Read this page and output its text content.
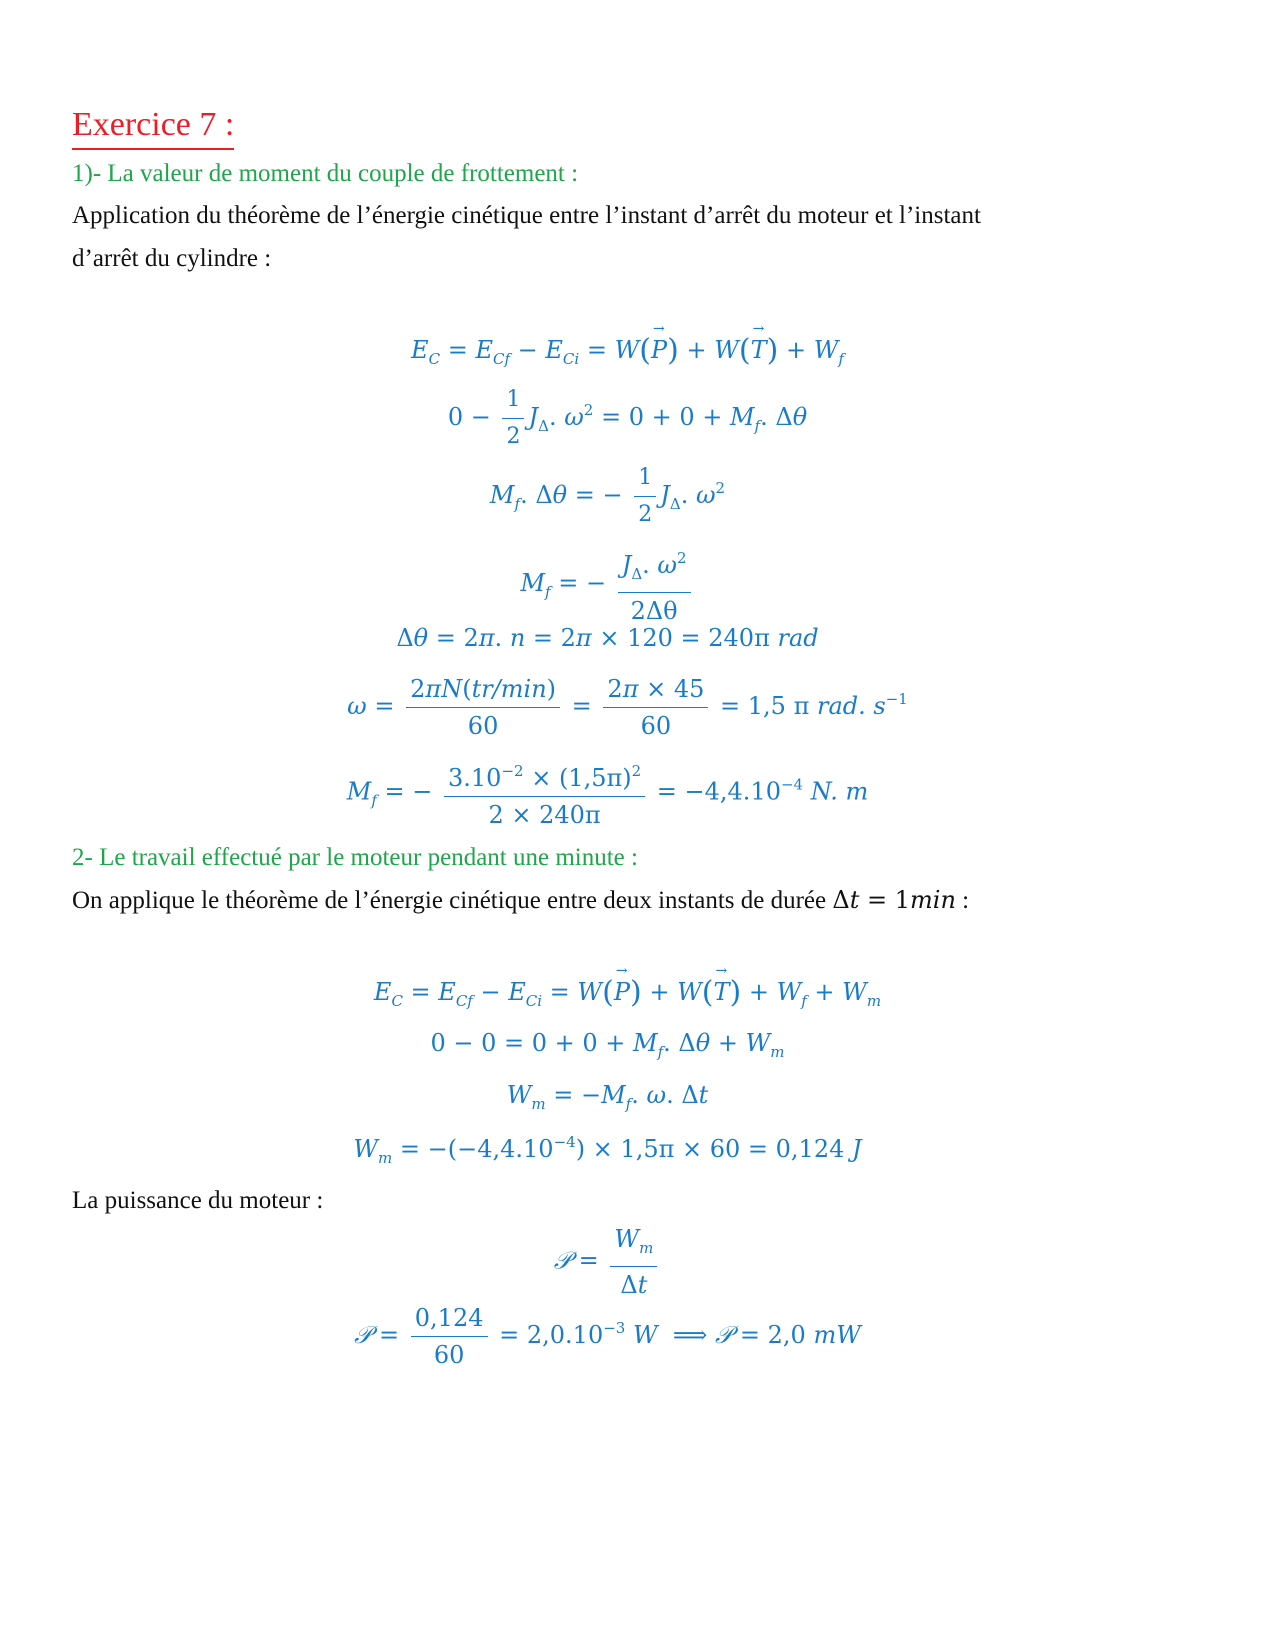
Exercice 7 :
1)- La valeur de moment du couple de frottement :
Application du théorème de l’énergie cinétique entre l’instant d’arrêt du moteur et l’instant
d’arrêt du cylindre :
$E_C = E_{Cf} - E_{Ci} = W(\to P) + W(\to T) + W_f$
$0 - \frac{1}{2} J_\Delta$. $\omega^2 = 0 + 0 + M_f$. Δθ
$M_f$. Δθ = − $\frac{1}{2} J_\Delta$. $\omega^2$
$M_f$ = − $\frac{J_\Delta. \omega^2}{2\Delta\theta}$
Δθ = 2π. n = 2π × 120 = 240π rad
$\omega = \frac{2\pi N(tr/\min)}{60} = \frac{2\pi \times 45}{60} = 1,5$ π rad. $s^{-1}$
$M_f$ = − $\frac{3.10^{-2} \times (1,5\pi)^2}{2 \times 240\pi} = -4,4.10^{-4}$ N. m
2- Le travail effectué par le moteur pendant une minute :
On applique le théorème de l’énergie cinétique entre deux instants de durée Δt = 1min :
$E_C = E_{Cf} - E_{Ci} = W(\to P) + W(\to T) + W_f + W_m$
$0 - 0 = 0 + 0 + M_f$. $\Delta\theta + W_m$
$W_m = -M_f$. ω. Δt
$W_m = -(-4,4.10^{-4}) \times 1,5\pi \times 60 = 0,124$ J
La puissance du moteur :
𝒫 = $\frac{W_m}{\Delta t}$
𝒫 = $\frac{0,124}{60} = 2,0.10^{-3}$ W  ⟹ 𝒫 = 2,0 mW
